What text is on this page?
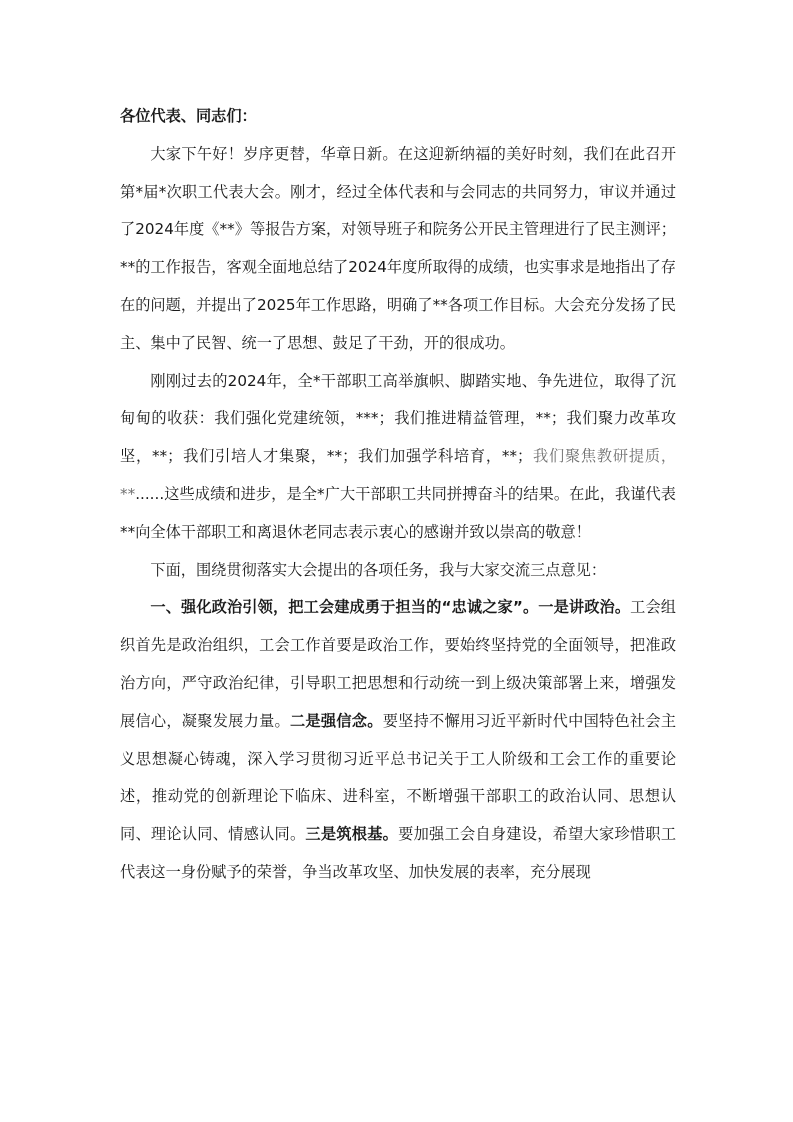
各位代表、同志们：

大家下午好！岁序更替，华章日新。在这迎新纳福的美好时刻，我们在此召开第*届*次职工代表大会。刚才，经过全体代表和与会同志的共同努力，审议并通过了2024年度《**》等报告方案，对领导班子和院务公开民主管理进行了民主测评；**的工作报告，客观全面地总结了2024年度所取得的成绩，也实事求是地指出了存在的问题，并提出了2025年工作思路，明确了**各项工作目标。大会充分发扬了民主、集中了民智、统一了思想、鼓足了干劲，开的很成功。

刚刚过去的2024年，全*干部职工高举旗帜、脚踏实地、争先进位，取得了沉甸甸的收获：我们强化党建统领，***；我们推进精益管理，**；我们聚力改革攻坚，**；我们引培人才集聚，**；我们加强学科培育，**；我们聚焦教研提质，**......这些成绩和进步，是全*广大干部职工共同拼搏奋斗的结果。在此，我谨代表**向全体干部职工和离退休老同志表示衷心的感谢并致以崇高的敬意！

下面，围绕贯彻落实大会提出的各项任务，我与大家交流三点意见：

一、强化政治引领，把工会建成勇于担当的“忠诚之家”。一是讲政治。工会组织首先是政治组织，工会工作首要是政治工作，要始终坚持党的全面领导，把准政治方向，严守政治纪律，引导职工把思想和行动统一到上级决策部署上来，增强发展信心，凝聚发展力量。二是强信念。要坚持不懈用习近平新时代中国特色社会主义思想凝心铸魂，深入学习贯彻习近平总书记关于工人阶级和工会工作的重要论述，推动党的创新理论下临床、进科室，不断增强干部职工的政治认同、思想认同、理论认同、情感认同。三是筑根基。要加强工会自身建设，希望大家珍惜职工代表这一身份赋予的荣誉，争当改革攻坚、加快发展的表率，充分展现
